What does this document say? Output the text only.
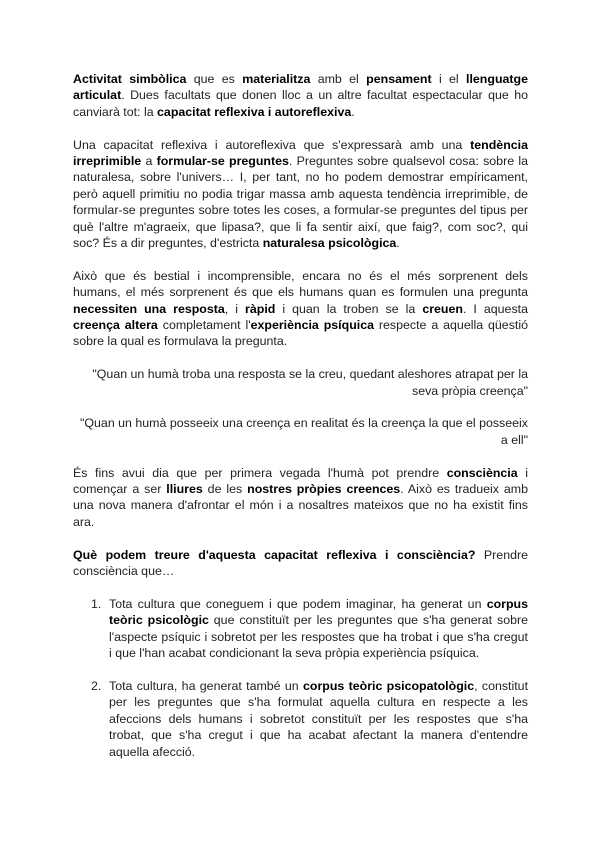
Activitat simbòlica que es materialitza amb el pensament i el llenguatge articulat. Dues facultats que donen lloc a un altre facultat espectacular que ho canviarà tot: la capacitat reflexiva i autoreflexiva.

Una capacitat reflexiva i autoreflexiva que s'expressarà amb una tendència irreprimible a formular-se preguntes. Preguntes sobre qualsevol cosa: sobre la naturalesa, sobre l'univers… I, per tant, no ho podem demostrar empíricament, però aquell primitiu no podia trigar massa amb aquesta tendència irreprimible, de formular-se preguntes sobre totes les coses, a formular-se preguntes del tipus per què l'altre m'agraeix, que lipasa?, que li fa sentir així, que faig?, com soc?, qui soc? És a dir preguntes, d'estricta naturalesa psicològica.

Això que és bestial i incomprensible, encara no és el més sorprenent dels humans, el més sorprenent és que els humans quan es formulen una pregunta necessiten una resposta, i ràpid i quan la troben se la creuen. I aquesta creença altera completament l'experiència psíquica respecte a aquella qüestió sobre la qual es formulava la pregunta.

"Quan un humà troba una resposta se la creu, quedant aleshores atrapat per la seva pròpia creença"

"Quan un humà posseeix una creença en realitat és la creença la que el posseeix a ell"

És fins avui dia que per primera vegada l'humà pot prendre consciència i començar a ser lliures de les nostres pròpies creences. Això es tradueix amb una nova manera d'afrontar el món i a nosaltres mateixos que no ha existit fins ara.

Què podem treure d'aquesta capacitat reflexiva i consciència? Prendre consciència que…

1. Tota cultura que coneguem i que podem imaginar, ha generat un corpus teòric psicològic que constituït per les preguntes que s'ha generat sobre l'aspecte psíquic i sobretot per les respostes que ha trobat i que s'ha cregut i que l'han acabat condicionant la seva pròpia experiència psíquica.
2. Tota cultura, ha generat també un corpus teòric psicopatològic, constitut per les preguntes que s'ha formulat aquella cultura en respecte a les afeccions dels humans i sobretot constituït per les respostes que s'ha trobat, que s'ha cregut i que ha acabat afectant la manera d'entendre aquella afecció.
